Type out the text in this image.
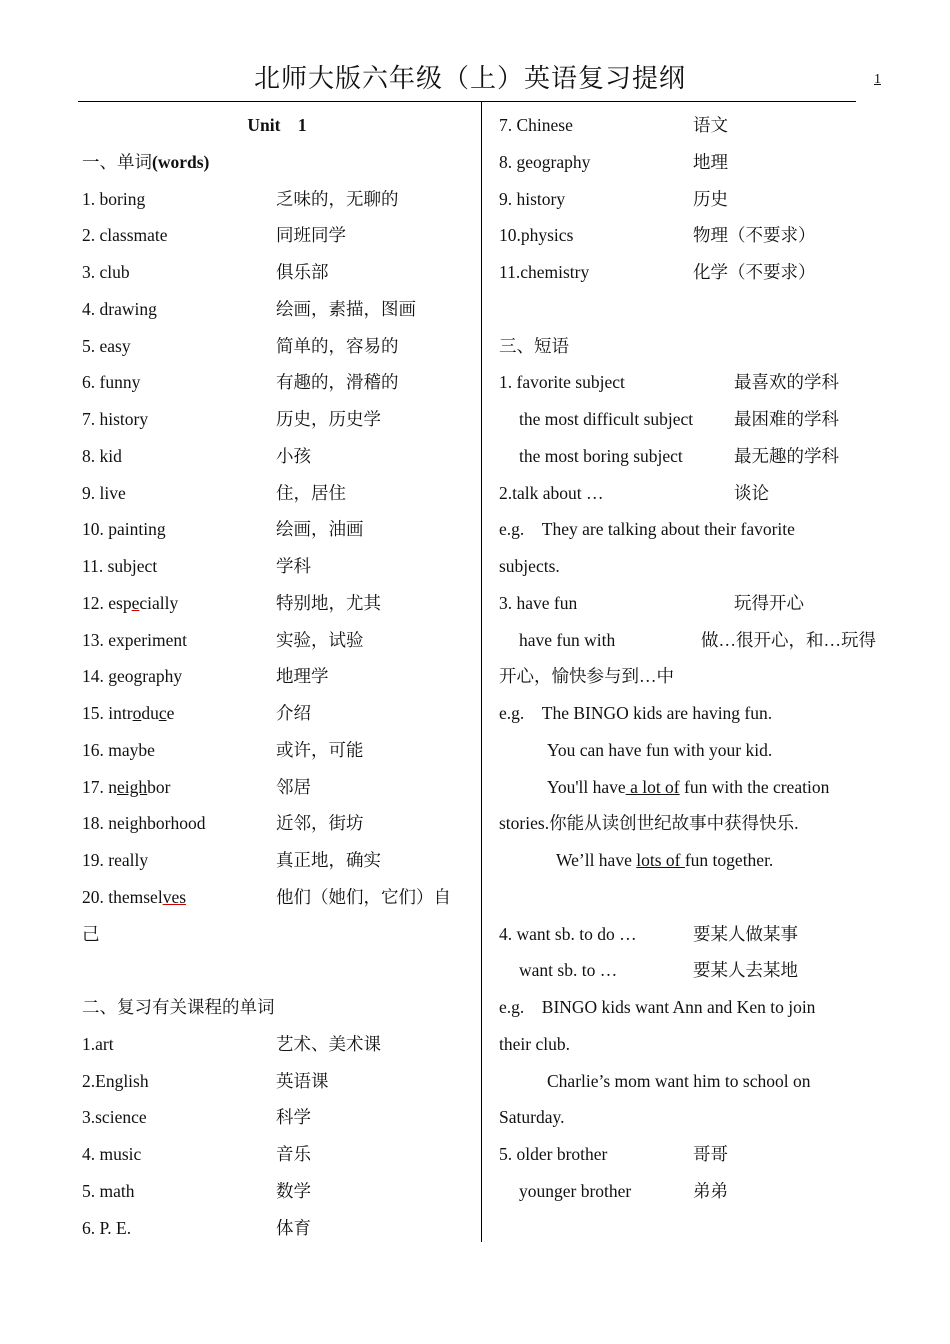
北师大版六年级（上）英语复习提纲	1
Unit　1
一、单词(words)
1. boring	乏味的，无聊的
2. classmate	同班同学
3. club	俱乐部
4. drawing	绘画，素描，图画
5. easy	简单的，容易的
6. funny	有趣的，滑稽的
7. history	历史，历史学
8. kid	小孩
9. live	住，居住
10. painting	绘画，油画
11. subject	学科
12. especially	特别地，尤其
13. experiment	实验，试验
14. geography	地理学
15. introduce	介绍
16. maybe	或许，可能
17. neighbor	邻居
18. neighborhood	近邻，街坊
19. really	真正地，确实
20. themselves	他们（她们，它们）自
己
二、复习有关课程的单词
1.art	艺术、美术课
2.English	英语课
3.science	科学
4. music	音乐
5. math	数学
6. P. E.	体育
7. Chinese	语文
8. geography	地理
9. history	历史
10.physics	物理（不要求）
11.chemistry	化学（不要求）
三、短语
1. favorite subject	最喜欢的学科
the most difficult subject 最困难的学科
the most boring subject	最无趣的学科
2.talk about …	谈论
e.g.　They are talking about their favorite
subjects.
3. have fun	玩得开心
have fun with	做…很开心，和…玩得
开心，愉快参与到…中
e.g.　The BINGO kids are having fun.
You can have fun with your kid.
You'll have a lot of fun with the creation
stories.你能从读创世纪故事中获得快乐.
We’ll have lots of fun together.
4. want sb. to do …	要某人做某事
want sb. to …	要某人去某地
e.g.　BINGO kids want Ann and Ken to join
their club.
Charlie’s mom want him to school on
Saturday.
5. older brother	哥哥
younger brother	弟弟
